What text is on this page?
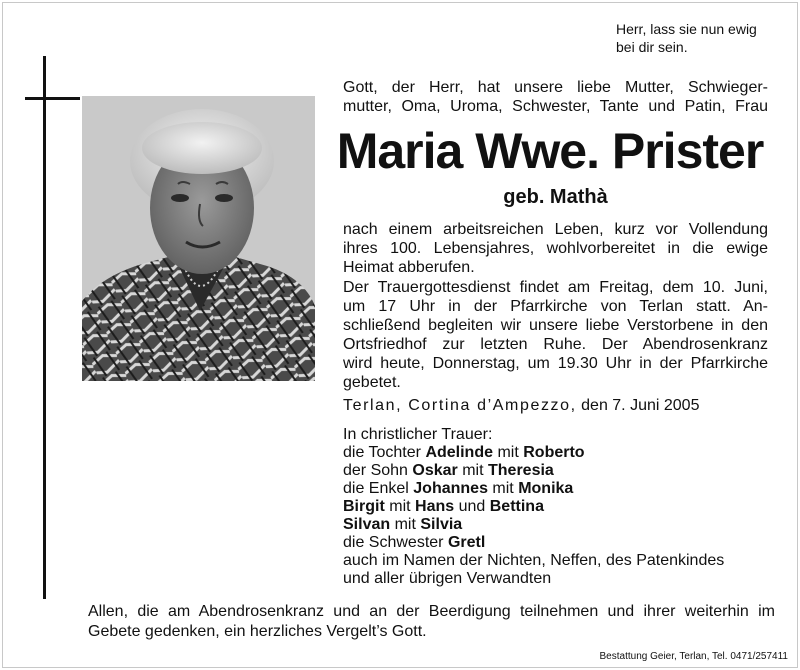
Herr, lass sie nun ewig
bei dir sein.
Gott, der Herr, hat unsere liebe Mutter, Schwieger-
mutter, Oma, Uroma, Schwester, Tante und Patin, Frau
Maria Wwe. Prister
geb. Mathà
nach einem arbeitsreichen Leben, kurz vor Vollendung
ihres 100. Lebensjahres, wohlvorbereitet in die ewige
Heimat abberufen.
Der Trauergottesdienst findet am Freitag, dem 10. Juni,
um 17 Uhr in der Pfarrkirche von Terlan statt. An-
schließend begleiten wir unsere liebe Verstorbene in den
Ortsfriedhof zur letzten Ruhe. Der Abendrosenkranz
wird heute, Donnerstag, um 19.30 Uhr in der Pfarrkirche
gebetet.
Terlan, Cortina d’Ampezzo, den 7. Juni 2005
In christlicher Trauer:
die Tochter Adelinde mit Roberto
der Sohn Oskar mit Theresia
die Enkel Johannes mit Monika
Birgit mit Hans und Bettina
Silvan mit Silvia
die Schwester Gretl
auch im Namen der Nichten, Neffen, des Patenkindes
und aller übrigen Verwandten
Allen, die am Abendrosenkranz und an der Beerdigung teilnehmen und ihrer weiterhin im
Gebete gedenken, ein herzliches Vergelt’s Gott.
Bestattung Geier, Terlan, Tel. 0471/257411
